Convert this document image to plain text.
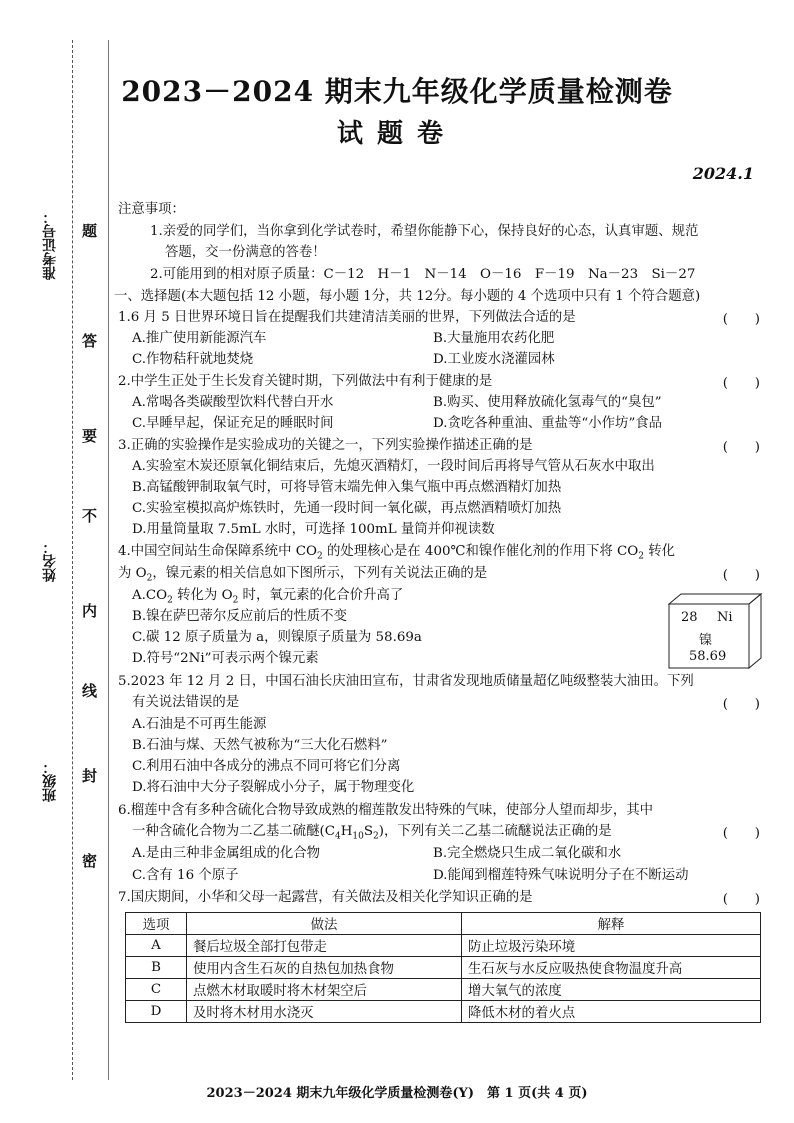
准考证号：
姓名：
班级：
题
答
要
不
内
线
封
密
2023－2024 期末九年级化学质量检测卷
试题卷
2024.1
注意事项：
1.亲爱的同学们，当你拿到化学试卷时，希望你能静下心，保持良好的心态，认真审题、规范
答题，交一份满意的答卷！
2.可能用到的相对原子质量：C－12　H－1　N－14　O－16　F－19　Na－23　Si－27
一、选择题(本大题包括 12 小题，每小题 1分，共 12分。每小题的 4 个选项中只有 1 个符合题意)
1.6 月 5 日世界环境日旨在提醒我们共建清洁美丽的世界，下列做法合适的是	(　　)
A.推广使用新能源汽车	B.大量施用农药化肥
C.作物秸秆就地焚烧	D.工业废水浇灌园林
2.中学生正处于生长发育关键时期，下列做法中有利于健康的是	(　　)
A.常喝各类碳酸型饮料代替白开水	B.购买、使用释放硫化氢毒气的“臭包”
C.早睡早起，保证充足的睡眠时间	D.贪吃各种重油、重盐等“小作坊”食品
3.正确的实验操作是实验成功的关键之一，下列实验操作描述正确的是	(　　)
A.实验室木炭还原氧化铜结束后，先熄灭酒精灯，一段时间后再将导气管从石灰水中取出
B.高锰酸钾制取氧气时，可将导管末端先伸入集气瓶中再点燃酒精灯加热
C.实验室模拟高炉炼铁时，先通一段时间一氧化碳，再点燃酒精喷灯加热
D.用量筒量取 7.5mL 水时，可选择 100mL 量筒并仰视读数
4.中国空间站生命保障系统中 $CO_2$ 的处理核心是在 400℃和镍作催化剂的作用下将 $CO_2$ 转化
为 $O_2$，镍元素的相关信息如下图所示，下列有关说法正确的是	(　　)
$A.CO_2$ 转化为 $O_2$ 时，氧元素的化合价升高了
B.镍在萨巴蒂尔反应前后的性质不变
C.碳 12 原子质量为 a，则镍原子质量为 58.69a
D.符号“2Ni”可表示两个镍元素
28 Ni
镍
58.69
5.2023 年 12 月 2 日，中国石油长庆油田宣布，甘肃省发现地质储量超亿吨级整装大油田。下列
有关说法错误的是	(　　)
A.石油是不可再生能源
B.石油与煤、天然气被称为“三大化石燃料”
C.利用石油中各成分的沸点不同可将它们分离
D.将石油中大分子裂解成小分子，属于物理变化
6.榴莲中含有多种含硫化合物导致成熟的榴莲散发出特殊的气味，使部分人望而却步，其中
一种含硫化合物为二乙基二硫醚$(C_4H_{10}S_2)$，下列有关二乙基二硫醚说法正确的是	(　　)
A.是由三种非金属组成的化合物	B.完全燃烧只生成二氧化碳和水
C.含有 16 个原子	D.能闻到榴莲特殊气味说明分子在不断运动
7.国庆期间，小华和父母一起露营，有关做法及相关化学知识正确的是	(　　)
选项	做法	解释
A	餐后垃圾全部打包带走	防止垃圾污染环境
B	使用内含生石灰的自热包加热食物	生石灰与水反应吸热使食物温度升高
C	点燃木材取暖时将木材架空后	增大氧气的浓度
D	及时将木材用水浇灭	降低木材的着火点
2023－2024 期末九年级化学质量检测卷(Y)　第 1 页(共 4 页)
